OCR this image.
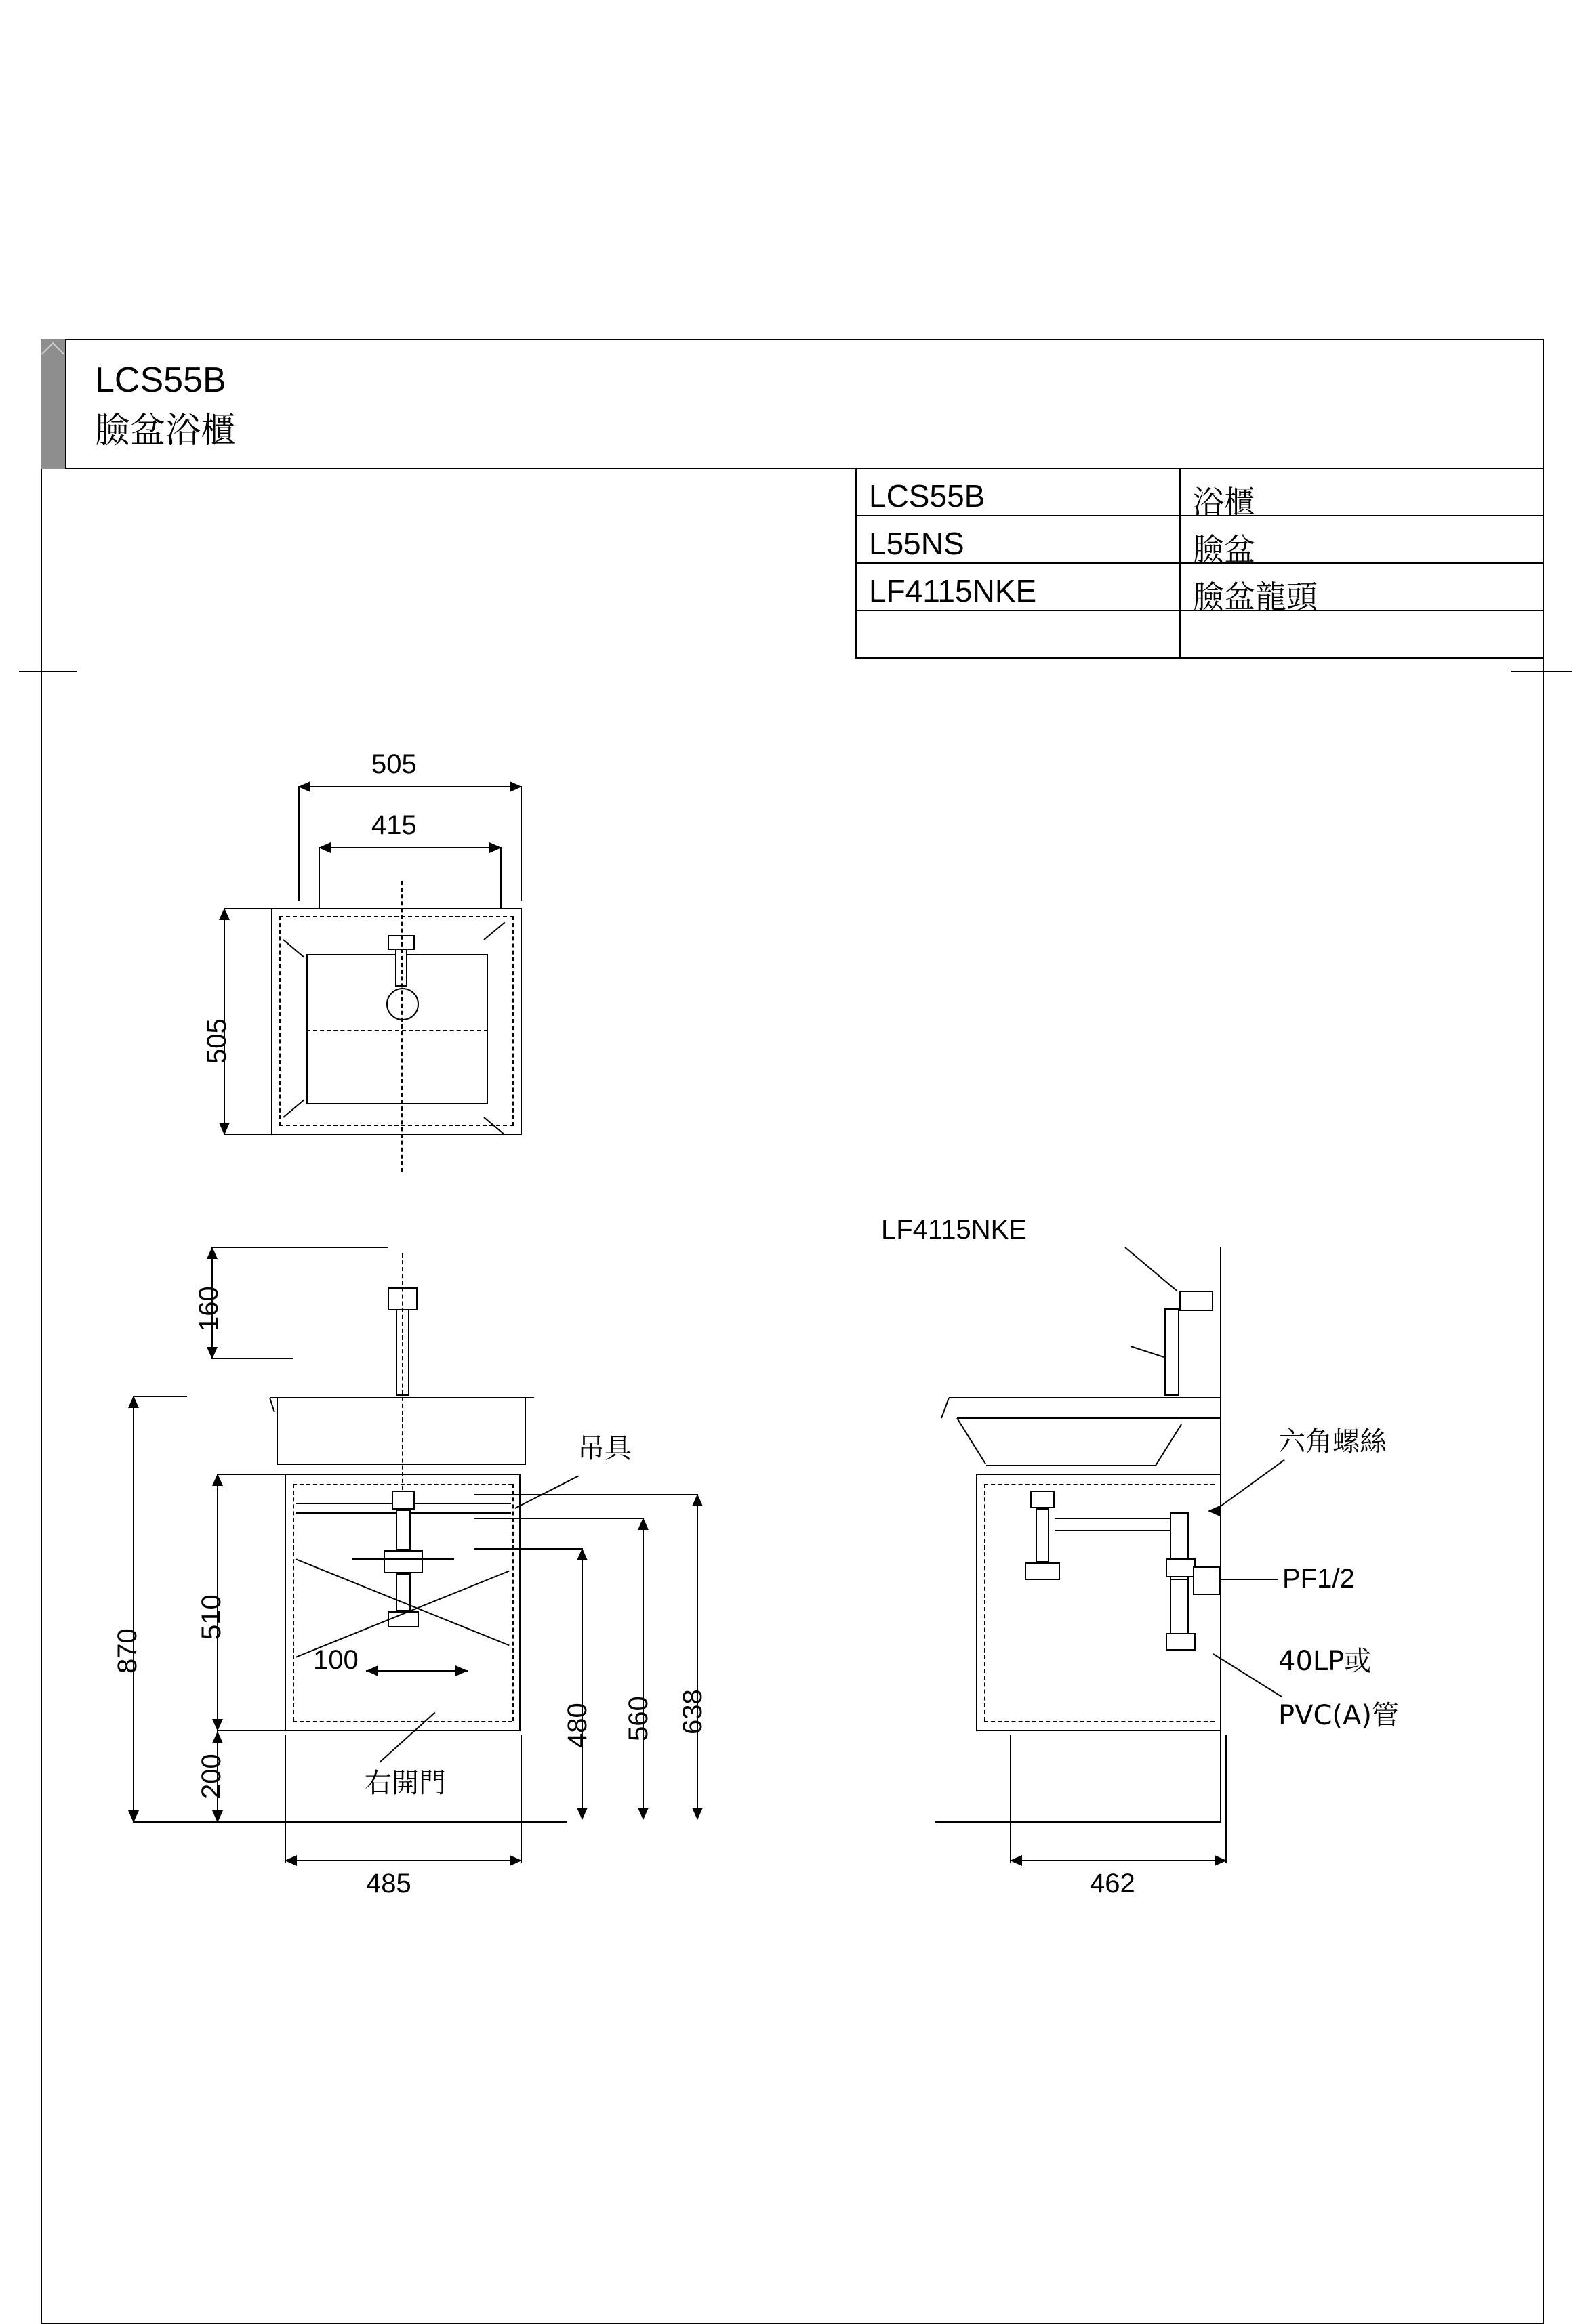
LCS55B
臉盆浴櫃
LCS55B	浴櫃
L55NS	臉盆
LF4115NKE	臉盆龍頭
505
415
505
160
870
510
200
485
100
吊具
右開門
480 560 638
LF4115NKE
六角螺絲
PF1/2
40LP或
PVC(A)管
462
